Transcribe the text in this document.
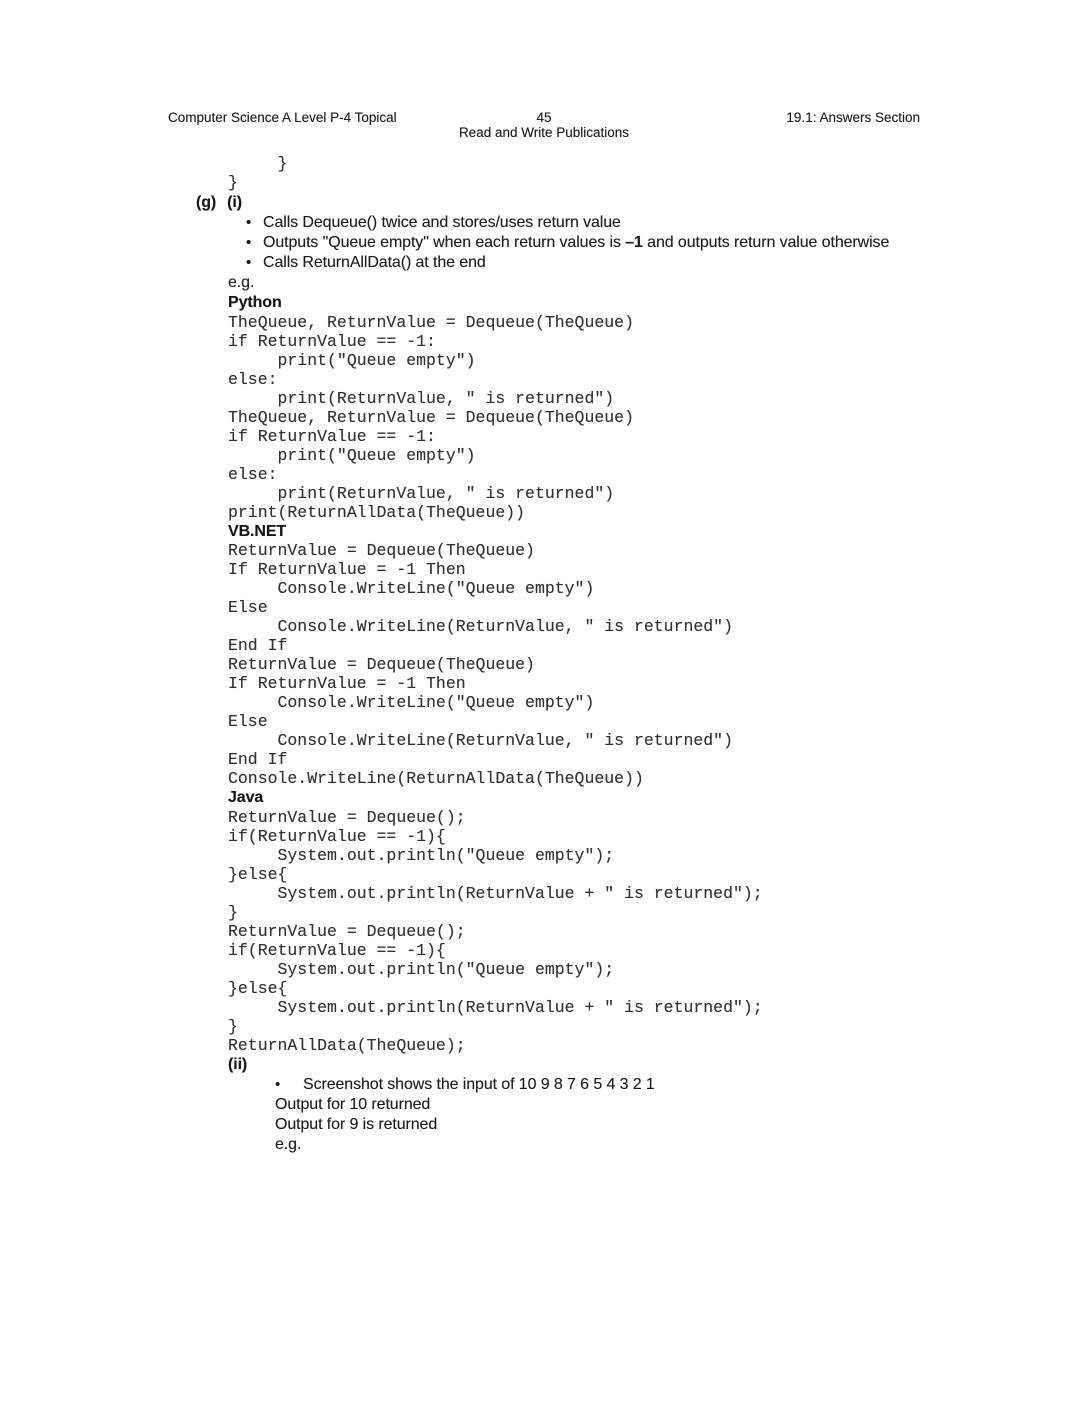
Computer Science A Level P-4 Topical	45
Read and Write Publications
19.1: Answers Section
}
}
(g) (i)
• Calls Dequeue() twice and stores/uses return value
• Outputs "Queue empty" when each return values is –1 and outputs return value otherwise
• Calls ReturnAllData() at the end
e.g.
Python
TheQueue, ReturnValue = Dequeue(TheQueue)
if ReturnValue == -1:
print("Queue empty")
else:
print(ReturnValue, " is returned")
TheQueue, ReturnValue = Dequeue(TheQueue)
if ReturnValue == -1:
print("Queue empty")
else:
print(ReturnValue, " is returned")
print(ReturnAllData(TheQueue))
VB.NET
ReturnValue = Dequeue(TheQueue)
If ReturnValue = -1 Then
Console.WriteLine("Queue empty")
Else
Console.WriteLine(ReturnValue, " is returned")
End If
ReturnValue = Dequeue(TheQueue)
If ReturnValue = -1 Then
Console.WriteLine("Queue empty")
Else
Console.WriteLine(ReturnValue, " is returned")
End If
Console.WriteLine(ReturnAllData(TheQueue))
Java
ReturnValue = Dequeue();
if(ReturnValue == -1){
System.out.println("Queue empty");
}else{
System.out.println(ReturnValue + " is returned");
}
ReturnValue = Dequeue();
if(ReturnValue == -1){
System.out.println("Queue empty");
}else{
System.out.println(ReturnValue + " is returned");
}
ReturnAllData(TheQueue);
(ii)
• Screenshot shows the input of 10 9 8 7 6 5 4 3 2 1
Output for 10 returned
Output for 9 is returned
e.g.
